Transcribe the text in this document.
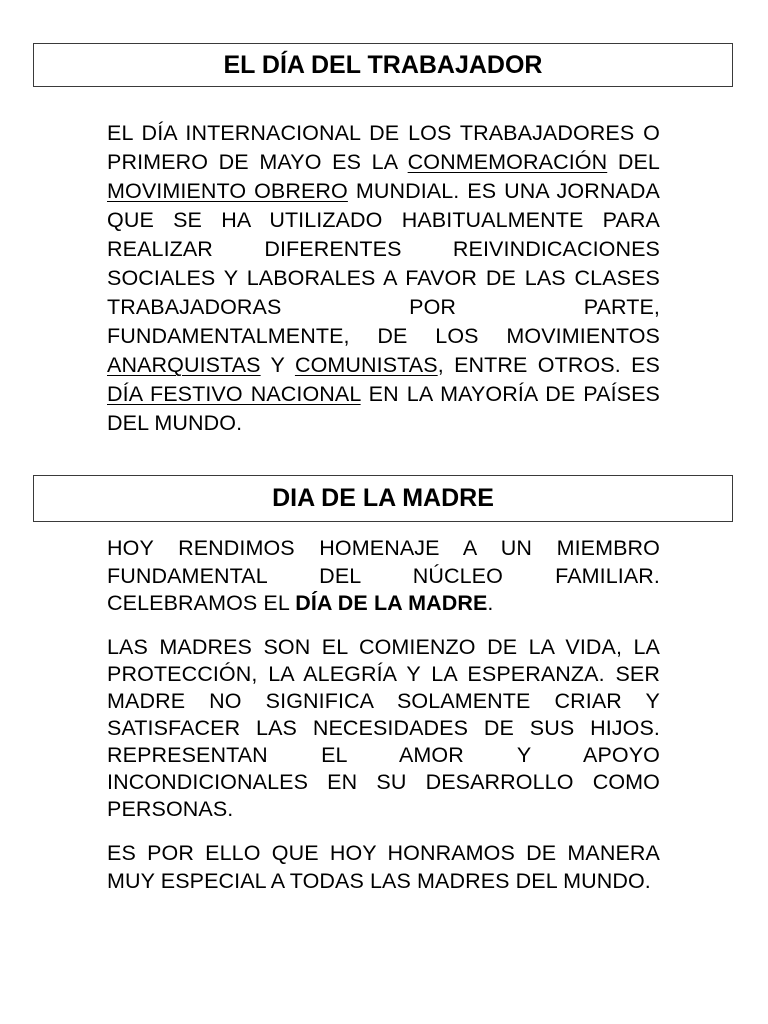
EL DÍA DEL TRABAJADOR

EL DÍA INTERNACIONAL DE LOS TRABAJADORES O PRIMERO DE MAYO ES LA CONMEMORACIÓN DEL MOVIMIENTO OBRERO MUNDIAL. ES UNA JORNADA QUE SE HA UTILIZADO HABITUALMENTE PARA REALIZAR DIFERENTES REIVINDICACIONES SOCIALES Y LABORALES A FAVOR DE LAS CLASES TRABAJADORAS POR PARTE, FUNDAMENTALMENTE, DE LOS MOVIMIENTOS ANARQUISTAS Y COMUNISTAS, ENTRE OTROS. ES DÍA FESTIVO NACIONAL EN LA MAYORÍA DE PAÍSES DEL MUNDO.

DIA DE LA MADRE

HOY RENDIMOS HOMENAJE A UN MIEMBRO FUNDAMENTAL DEL NÚCLEO FAMILIAR. CELEBRAMOS EL DÍA DE LA MADRE.

LAS MADRES SON EL COMIENZO DE LA VIDA, LA PROTECCIÓN, LA ALEGRÍA Y LA ESPERANZA. SER MADRE NO SIGNIFICA SOLAMENTE CRIAR Y SATISFACER LAS NECESIDADES DE SUS HIJOS. REPRESENTAN EL AMOR Y APOYO INCONDICIONALES EN SU DESARROLLO COMO PERSONAS.

ES POR ELLO QUE HOY HONRAMOS DE MANERA MUY ESPECIAL A TODAS LAS MADRES DEL MUNDO.
